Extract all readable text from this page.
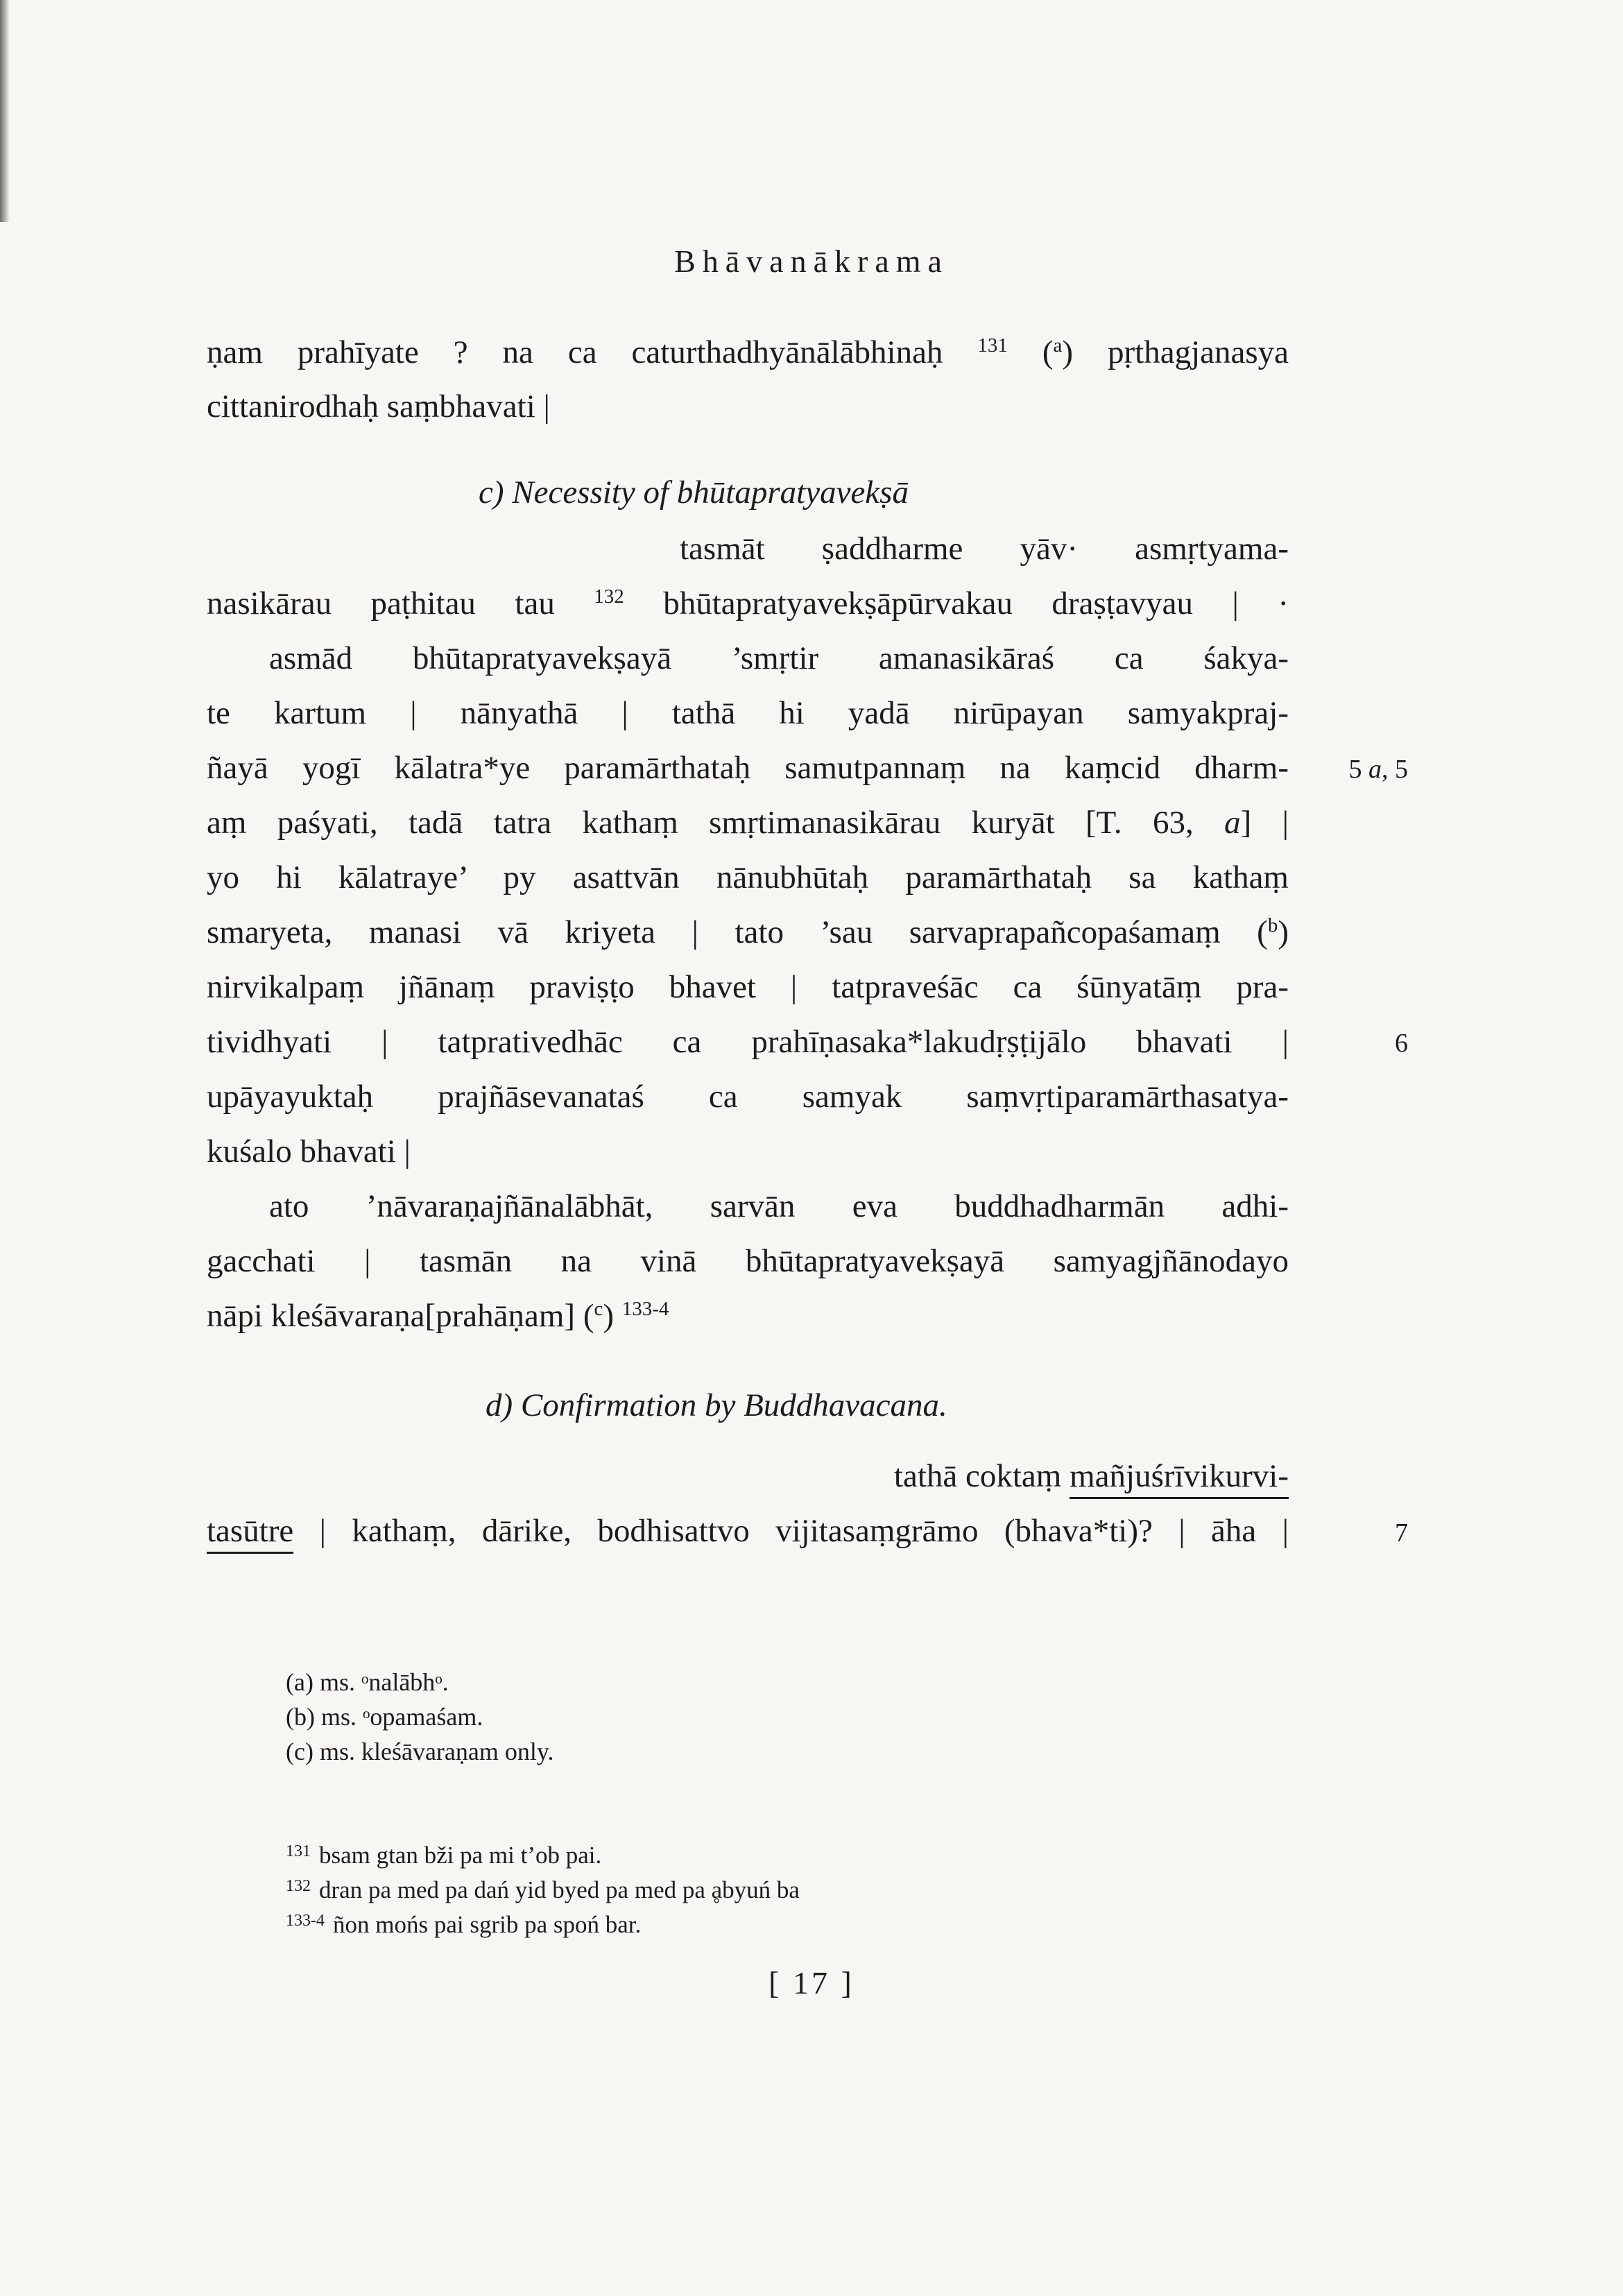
Bhāvanākrama
ṇam prahīyate ? na ca caturthadhyānālābhinaḥ $^{131}$ ($^a$) pṛthagjanasya
cittanirodhaḥ saṃbhavati |
c) Necessity of bhūtapratyavekṣā
tasmāt ṣaddharme yāv· asmṛtyama-
nasikārau paṭhitau tau $^{132}$ bhūtapratyavekṣāpūrvakau draṣṭavyau | ·
asmād bhūtapratyavekṣayā ’smṛtir amanasikāraś ca śakya-
te kartum | nānyathā | tathā hi yadā nirūpayan samyakpraj-
ñayā yogī kālatra*ye paramārthataḥ samutpannaṃ na kaṃcid dharm-
aṃ paśyati, tadā tatra kathaṃ smṛtimanasikārau kuryāt [T. 63, a] |
yo hi kālatraye’ py asattvān nānubhūtaḥ paramārthataḥ sa kathaṃ
smaryeta, manasi vā kriyeta | tato ’sau sarvaprapañcopaśamaṃ ($^b$)
nirvikalpaṃ jñānaṃ praviṣṭo bhavet | tatpraveśāc ca śūnyatāṃ pra-
tividhyati | tatprativedhāc ca prahīṇasaka*lakudṛṣṭijālo bhavati |
upāyayuktaḥ prajñāsevanataś ca samyak saṃvṛtiparamārthasatya-
kuśalo bhavati |
ato ’nāvaraṇajñānalābhāt, sarvān eva buddhadharmān adhi-
gacchati | tasmān na vinā bhūtapratyavekṣayā samyagjñānodayo
nāpi kleśāvaraṇa[prahāṇam] ($^c$) $^{133-4}$
d) Confirmation by Buddhavacana.
tathā coktaṃ mañjuśrīvikurvi-
tasūtre | kathaṃ, dārike, bodhisattvo vijitasaṃgrāmo (bhava*ti)? | āha |
5 a, 5
6
7
(a) ms. ᵒnalābhᵒ.
(b) ms. ᵒopamaśam.
(c) ms. kleśāvaraṇam only.
$^{131}$ bsam gtan bži pa mi t’ob pai.
$^{132}$ dran pa med pa dań yid byed pa med pa ḁbyuń ba
$^{133-4}$ ñon mońs pai sgrib pa spoń bar.
[ 17 ]
